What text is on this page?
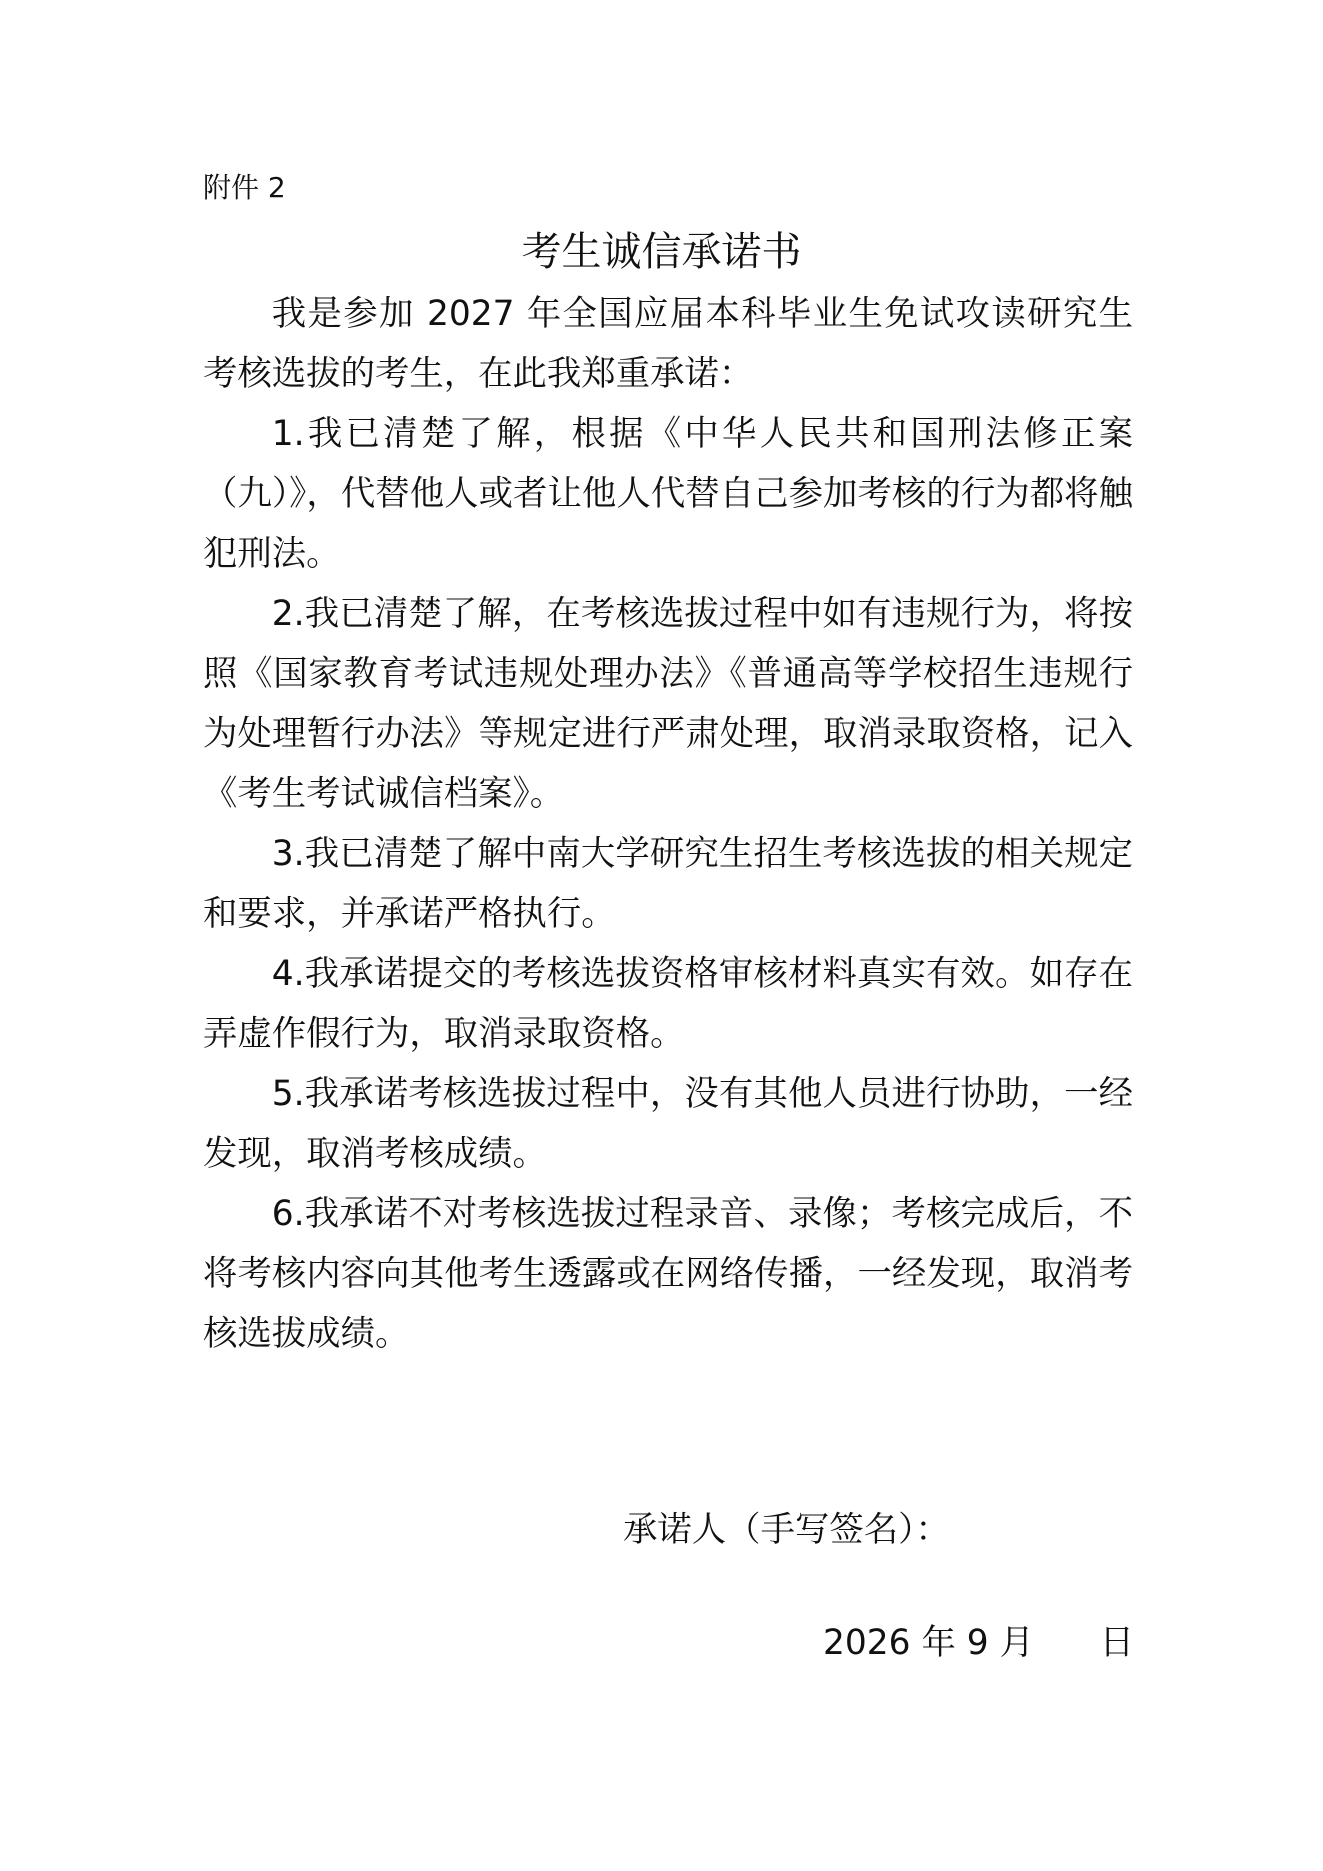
附件 2
考生诚信承诺书

我是参加 2027 年全国应届本科毕业生免试攻读研究生考核选拔的考生，在此我郑重承诺：

1.我已清楚了解，根据《中华人民共和国刑法修正案（九）》，代替他人或者让他人代替自己参加考核的行为都将触犯刑法。

2.我已清楚了解，在考核选拔过程中如有违规行为，将按照《国家教育考试违规处理办法》《普通高等学校招生违规行为处理暂行办法》等规定进行严肃处理，取消录取资格，记入《考生考试诚信档案》。

3.我已清楚了解中南大学研究生招生考核选拔的相关规定和要求，并承诺严格执行。

4.我承诺提交的考核选拔资格审核材料真实有效。如存在弄虚作假行为，取消录取资格。

5.我承诺考核选拔过程中，没有其他人员进行协助，一经发现，取消考核成绩。

6.我承诺不对考核选拔过程录音、录像；考核完成后，不将考核内容向其他考生透露或在网络传播，一经发现，取消考核选拔成绩。

承诺人（手写签名）：
2026 年 9 月      日
